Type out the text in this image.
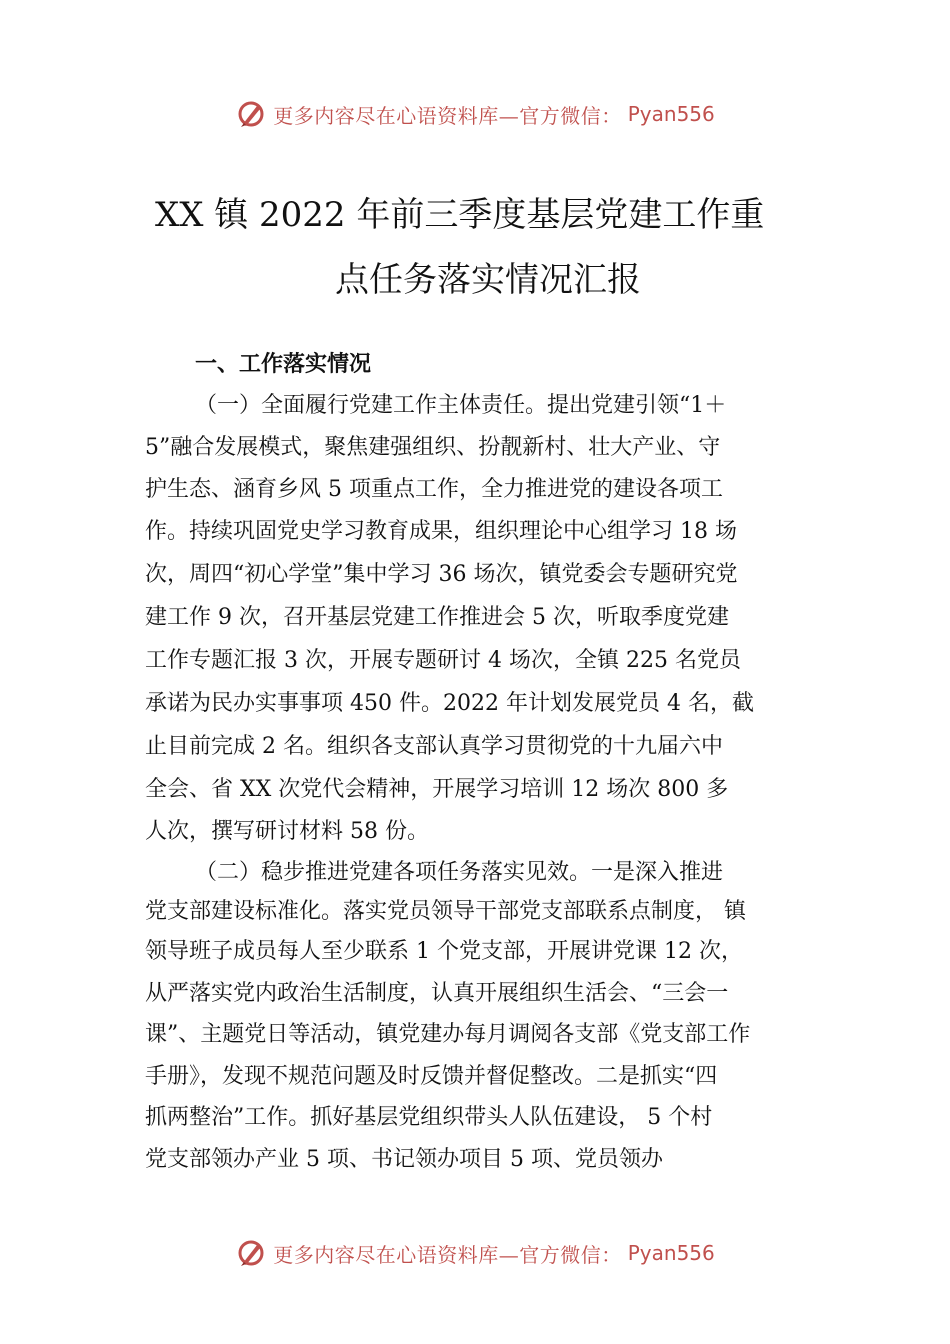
更多内容尽在心语资料库—官方微信： Pyan556
XX 镇 2022 年前三季度基层党建工作重
点任务落实情况汇报
一、工作落实情况
（一）全面履行党建工作主体责任。提出党建引领“1＋
5”融合发展模式，聚焦建强组织、扮靓新村、壮大产业、守
护生态、涵育乡风 5 项重点工作，全力推进党的建设各项工
作。持续巩固党史学习教育成果，组织理论中心组学习 18 场
次，周四“初心学堂”集中学习 36 场次，镇党委会专题研究党
建工作 9 次，召开基层党建工作推进会 5 次，听取季度党建
工作专题汇报 3 次，开展专题研讨 4 场次，全镇 225 名党员
承诺为民办实事事项 450 件。2022 年计划发展党员 4 名，截
止目前完成 2 名。组织各支部认真学习贯彻党的十九届六中
全会、省 XX 次党代会精神，开展学习培训 12 场次 800 多
人次，撰写研讨材料 58 份。
（二）稳步推进党建各项任务落实见效。一是深入推进
党支部建设标准化。落实党员领导干部党支部联系点制度， 镇
领导班子成员每人至少联系 1 个党支部，开展讲党课 12 次，
从严落实党内政治生活制度，认真开展组织生活会、“三会一
课”、主题党日等活动，镇党建办每月调阅各支部《党支部工作
手册》，发现不规范问题及时反馈并督促整改。二是抓实“四
抓两整治”工作。抓好基层党组织带头人队伍建设， 5 个村
党支部领办产业 5 项、书记领办项目 5 项、党员领办
更多内容尽在心语资料库—官方微信： Pyan556
